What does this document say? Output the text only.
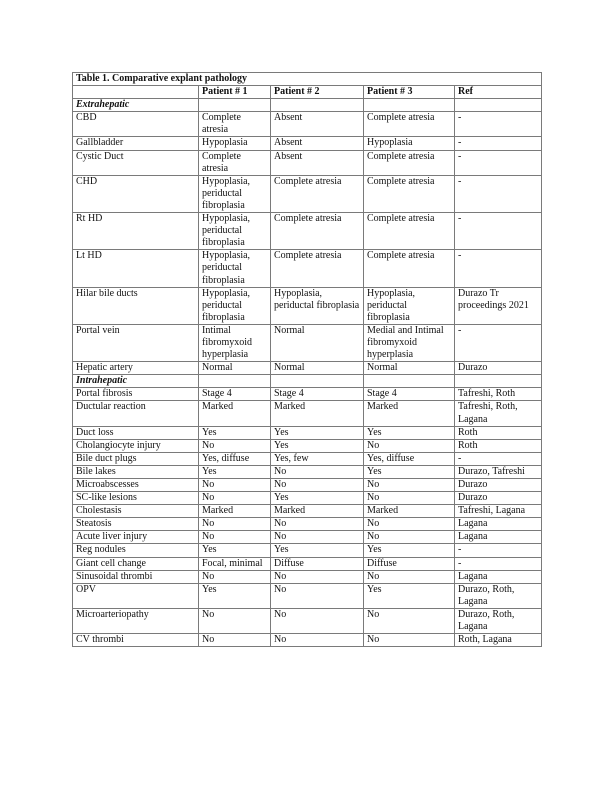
Table 1. Comparative explant pathology				
	Patient # 1	Patient # 2	Patient # 3	Ref
Extrahepatic				
CBD	Complete atresia	Absent	Complete atresia	-
Gallbladder	Hypoplasia	Absent	Hypoplasia	-
Cystic Duct	Complete atresia	Absent	Complete atresia	-
CHD	Hypoplasia, periductal fibroplasia	Complete atresia	Complete atresia	-
Rt HD	Hypoplasia, periductal fibroplasia	Complete atresia	Complete atresia	-
Lt HD	Hypoplasia, periductal fibroplasia	Complete atresia	Complete atresia	-
Hilar bile ducts	Hypoplasia, periductal fibroplasia	Hypoplasia, periductal fibroplasia	Hypoplasia, periductal fibroplasia	Durazo Tr proceedings 2021
Portal vein	Intimal fibromyxoid hyperplasia	Normal	Medial and Intimal fibromyxoid hyperplasia	-
Hepatic artery	Normal	Normal	Normal	Durazo
Intrahepatic				
Portal fibrosis	Stage 4	Stage 4	Stage 4	Tafreshi, Roth
Ductular reaction	Marked	Marked	Marked	Tafreshi, Roth, Lagana
Duct loss	Yes	Yes	Yes	Roth
Cholangiocyte injury	No	Yes	No	Roth
Bile duct plugs	Yes, diffuse	Yes, few	Yes, diffuse	-
Bile lakes	Yes	No	Yes	Durazo, Tafreshi
Microabscesses	No	No	No	Durazo
SC-like lesions	No	Yes	No	Durazo
Cholestasis	Marked	Marked	Marked	Tafreshi, Lagana
Steatosis	No	No	No	Lagana
Acute liver injury	No	No	No	Lagana
Reg nodules	Yes	Yes	Yes	-
Giant cell change	Focal, minimal	Diffuse	Diffuse	-
Sinusoidal thrombi	No	No	No	Lagana
OPV	Yes	No	Yes	Durazo, Roth, Lagana
Microarteriopathy	No	No	No	Durazo, Roth, Lagana
CV thrombi	No	No	No	Roth, Lagana
